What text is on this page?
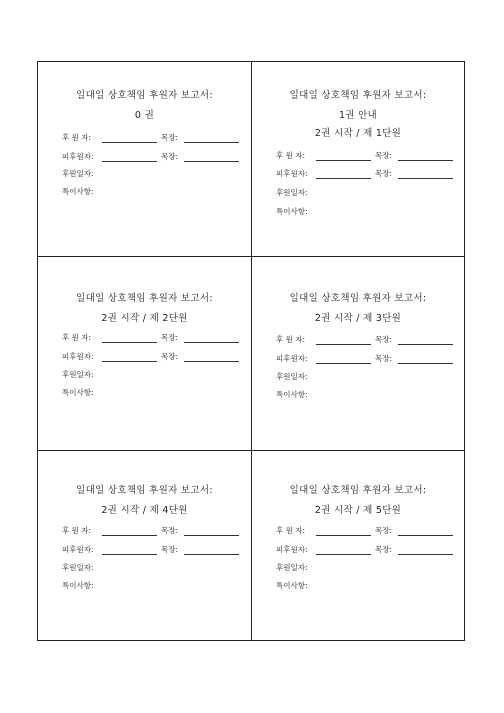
일대일 상호책임 후원자 보고서:
0 권
후 원 자:	목장:
피후원자:	목장:
후원일자:
특이사항:
일대일 상호책임 후원자 보고서:
1권 안내
2권 시작 / 제 1단원
후 원 자:	목장:
피후원자:	목장:
후원일자:
특이사항:
일대일 상호책임 후원자 보고서:
2권 시작 / 제 2단원
후 원 자:	목장:
피후원자:	목장:
후원일자:
특이사항:
일대일 상호책임 후원자 보고서:
2권 시작 / 제 3단원
후 원 자:	목장:
피후원자:	목장:
후원일자:
특이사항:
일대일 상호책임 후원자 보고서:
2권 시작 / 제 4단원
후 원 자:	목장:
피후원자:	목장:
후원일자:
특이사항:
일대일 상호책임 후원자 보고서:
2권 시작 / 제 5단원
후 원 자:	목장:
피후원자:	목장:
후원일자:
특이사항:
